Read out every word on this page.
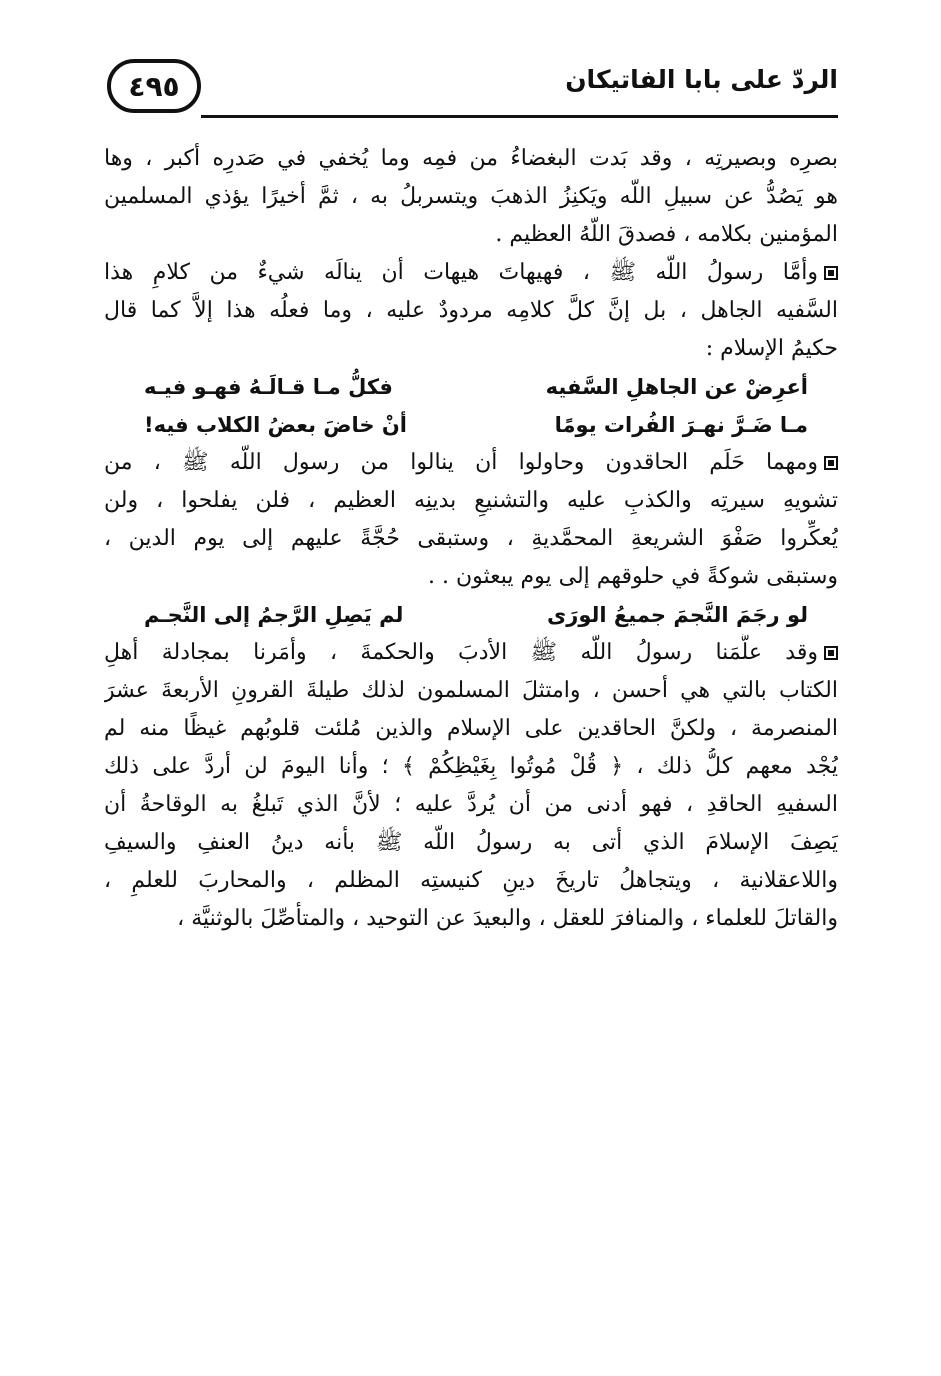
٤٩٥	الردّ على بابا الفاتيكان
بصرِه وبصيرتِه ، وقد بَدت البغضاءُ من فمِه وما يُخفي في صَدرِه أكبر ، وها
هو يَصُدُّ عن سبيلِ اللّه ويَكنِزُ الذهبَ ويتسربلُ به ، ثمَّ أخيرًا يؤذي المسلمين
المؤمنين بكلامه ، فصدقَ اللّهُ العظيم .
وأمَّا رسولُ اللّه ﷺ ، فهيهاتَ هيهات أن ينالَه شيءٌ من كلامِ هذا
السَّفيه الجاهل ، بل إنَّ كلَّ كلامِه مردودٌ عليه ، وما فعلُه هذا إلاَّ كما قال
حكيمُ الإسلام :
أعرِضْ عن الجاهلِ السَّفيه
فكلُّ مـا قـالَـهُ فهـو فيـه
مـا ضَـرَّ نهـرَ الفُرات يومًا
أنْ خاضَ بعضُ الكلاب فيه!
ومهما حَلَم الحاقدون وحاولوا أن ينالوا من رسول اللّه ﷺ ، من
تشويهِ سيرتِه والكذبِ عليه والتشنيعِ بدينِه العظيم ، فلن يفلحوا ، ولن
يُعكِّروا صَفْوَ الشريعةِ المحمَّديةِ ، وستبقى حُجَّةً عليهم إلى يوم الدين ،
وستبقى شوكةً في حلوقهم إلى يوم يبعثون . .
لو رجَمَ النَّجمَ جميعُ الورَى
لم يَصِلِ الرَّجمُ إلى النَّجـم
وقد علَّمَنا رسولُ اللّه ﷺ الأدبَ والحكمةَ ، وأمَرنا بمجادلة أهلِ
الكتاب بالتي هي أحسن ، وامتثلَ المسلمون لذلك طيلةَ القرونِ الأربعةَ عشرَ
المنصرمة ، ولكنَّ الحاقدين على الإسلام والذين مُلئت قلوبُهم غيظًا منه لم
يُجْد معهم كلُّ ذلك ، ﴿ قُلْ مُوتُوا بِغَيْظِكُمْ ﴾ ؛ وأنا اليومَ لن أردَّ على ذلك
السفيهِ الحاقدِ ، فهو أدنى من أن يُردَّ عليه ؛ لأنَّ الذي تَبلغُ به الوقاحةُ أن
يَصِفَ الإسلامَ الذي أتى به رسولُ اللّه ﷺ بأنه دينُ العنفِ والسيفِ
واللاعقلانية ، ويتجاهلُ تاريخَ دينِ كنيستِه المظلم ، والمحاربَ للعلمِ ،
والقاتلَ للعلماء ، والمنافرَ للعقل ، والبعيدَ عن التوحيد ، والمتأصِّلَ بالوثنيَّة ،
